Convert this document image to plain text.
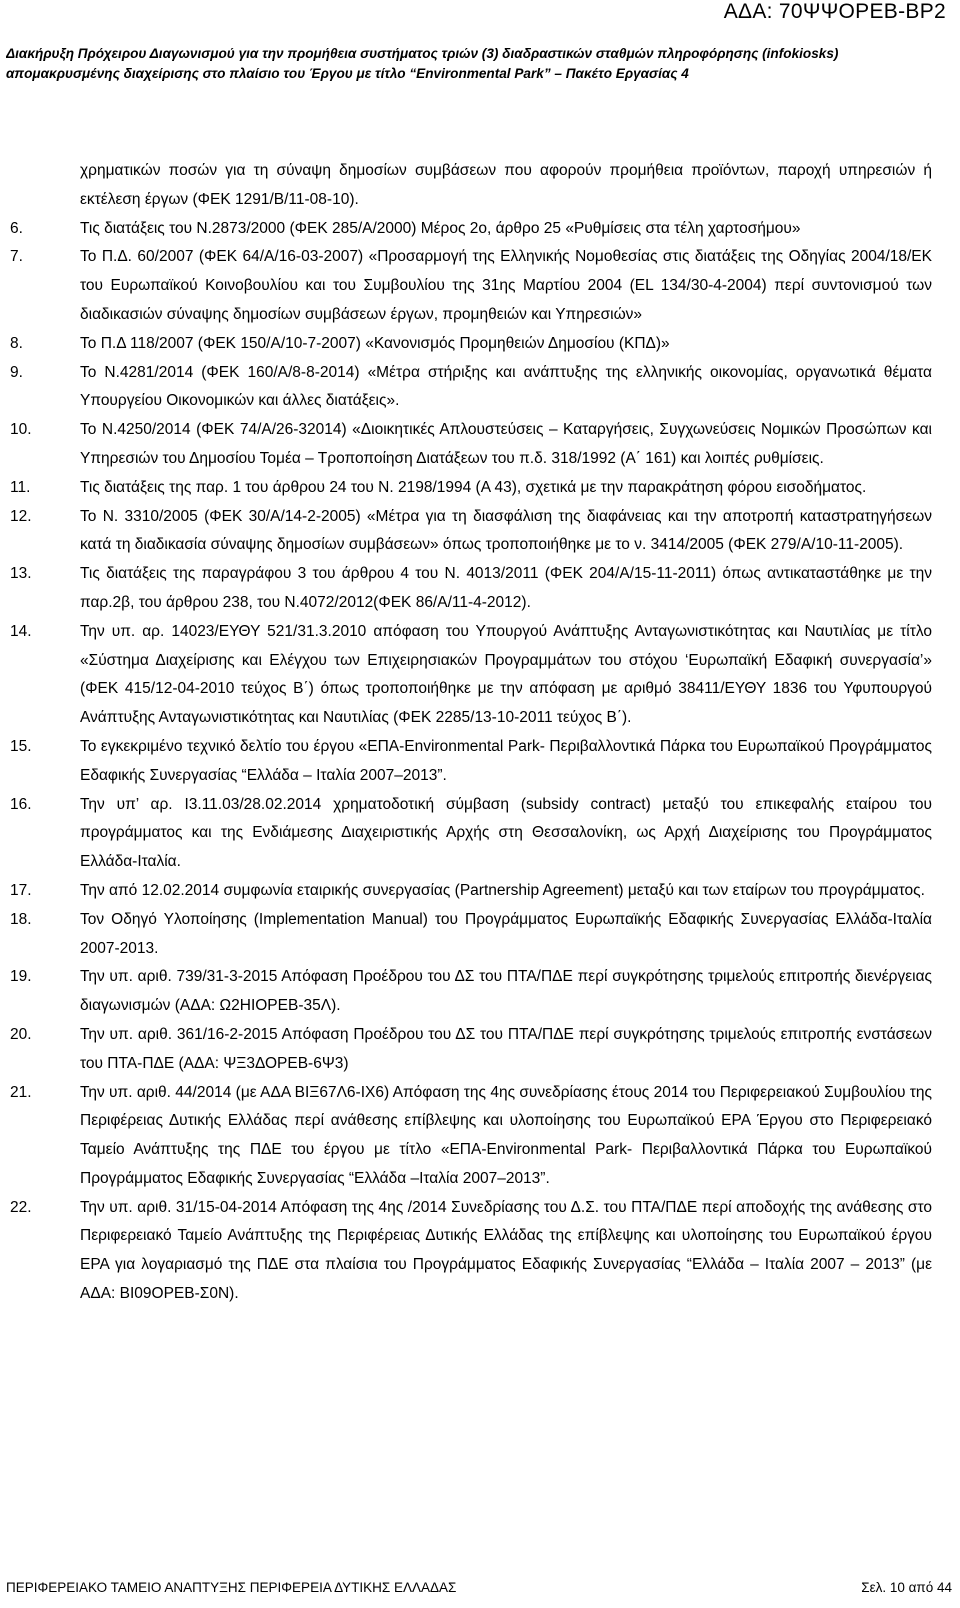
ΑΔΑ: 70ΨΨΟΡΕΒ-ΒΡ2
Διακήρυξη Πρόχειρου Διαγωνισμού για την προμήθεια συστήματος τριών (3) διαδραστικών σταθμών πληροφόρησης (infokiosks)
απομακρυσμένης διαχείρισης στο πλαίσιο του Έργου με τίτλο “Environmental Park” – Πακέτο Εργασίας 4

χρηματικών ποσών για τη σύναψη δημοσίων συμβάσεων που αφορούν προμήθεια προϊόντων, παροχή υπηρεσιών ή εκτέλεση έργων (ΦΕΚ 1291/Β/11-08-10).

6.	Τις διατάξεις του Ν.2873/2000 (ΦΕΚ 285/Α/2000) Μέρος 2ο, άρθρο 25 «Ρυθμίσεις στα τέλη χαρτοσήμου»
7.	Το Π.Δ. 60/2007 (ΦΕΚ 64/Α/16-03-2007) «Προσαρμογή της Ελληνικής Νομοθεσίας στις διατάξεις της Οδηγίας 2004/18/ΕΚ του Ευρωπαϊκού Κοινοβουλίου και του Συμβουλίου της 31ης Μαρτίου 2004 (EL 134/30-4-2004) περί συντονισμού των διαδικασιών σύναψης δημοσίων συμβάσεων έργων, προμηθειών και Υπηρεσιών»
8.	Το Π.Δ 118/2007 (ΦΕΚ 150/Α/10-7-2007) «Κανονισμός Προμηθειών Δημοσίου (ΚΠΔ)»
9.	Το Ν.4281/2014 (ΦΕΚ 160/Α/8-8-2014) «Μέτρα στήριξης και ανάπτυξης της ελληνικής οικονομίας, οργανωτικά θέματα Υπουργείου Οικονομικών και άλλες διατάξεις».
10.	Το Ν.4250/2014 (ΦΕΚ 74/Α/26-32014) «Διοικητικές Απλουστεύσεις – Καταργήσεις, Συγχωνεύσεις Νομικών Προσώπων και Υπηρεσιών του Δημοσίου Τομέα – Τροποποίηση Διατάξεων του π.δ. 318/1992 (Α΄ 161) και λοιπές ρυθμίσεις.
11.	Τις διατάξεις της παρ. 1 του άρθρου 24 του Ν. 2198/1994 (Α 43), σχετικά με την παρακράτηση φόρου εισοδήματος.
12.	Το Ν. 3310/2005 (ΦΕΚ 30/Α/14-2-2005) «Μέτρα για τη διασφάλιση της διαφάνειας και την αποτροπή καταστρατηγήσεων κατά τη διαδικασία σύναψης δημοσίων συμβάσεων» όπως τροποποιήθηκε με το ν. 3414/2005 (ΦΕΚ 279/Α/10-11-2005).
13.	Τις διατάξεις της παραγράφου 3 του άρθρου 4 του Ν. 4013/2011 (ΦΕΚ 204/Α/15-11-2011) όπως αντικαταστάθηκε με την παρ.2β, του άρθρου 238, του Ν.4072/2012(ΦΕΚ 86/Α/11-4-2012).
14.	Την υπ. αρ. 14023/ΕΥΘΥ 521/31.3.2010 απόφαση του Υπουργού Ανάπτυξης Ανταγωνιστικότητας και Ναυτιλίας με τίτλο «Σύστημα Διαχείρισης και Ελέγχου των Επιχειρησιακών Προγραμμάτων του στόχου ‘Ευρωπαϊκή Εδαφική συνεργασία’» (ΦΕΚ 415/12-04-2010 τεύχος Β΄) όπως τροποποιήθηκε με την απόφαση με αριθμό 38411/ΕΥΘΥ 1836 του Υφυπουργού Ανάπτυξης Ανταγωνιστικότητας και Ναυτιλίας (ΦΕΚ 2285/13-10-2011 τεύχος Β΄).
15.	Το εγκεκριμένο τεχνικό δελτίο του έργου «ΕΠΑ-Environmental Park- Περιβαλλοντικά Πάρκα του Ευρωπαϊκού Προγράμματος Εδαφικής Συνεργασίας “Ελλάδα – Ιταλία 2007–2013”.
16.	Την υπ’ αρ. I3.11.03/28.02.2014 χρηματοδοτική σύμβαση (subsidy contract) μεταξύ του επικεφαλής εταίρου του προγράμματος και της Ενδιάμεσης Διαχειριστικής Αρχής στη Θεσσαλονίκη, ως Αρχή Διαχείρισης του Προγράμματος Ελλάδα-Ιταλία.
17.	Την από 12.02.2014 συμφωνία εταιρικής συνεργασίας (Partnership Agreement) μεταξύ και των εταίρων του προγράμματος.
18.	Τον Οδηγό Υλοποίησης (Implementation Manual) του Προγράμματος Ευρωπαϊκής Εδαφικής Συνεργασίας Ελλάδα-Ιταλία 2007-2013.
19.	Την υπ. αριθ. 739/31-3-2015 Απόφαση Προέδρου του ΔΣ του ΠΤΑ/ΠΔΕ περί συγκρότησης τριμελούς επιτροπής διενέργειας διαγωνισμών (ΑΔΑ: Ω2ΗΙΟΡΕΒ-35Λ).
20.	Την υπ. αριθ. 361/16-2-2015 Απόφαση Προέδρου του ΔΣ του ΠΤΑ/ΠΔΕ περί συγκρότησης τριμελούς επιτροπής ενστάσεων του ΠΤΑ-ΠΔΕ (ΑΔΑ: ΨΞ3ΔΟΡΕΒ-6Ψ3)
21.	Την υπ. αριθ. 44/2014 (με ΑΔΑ ΒΙΞ67Λ6-ΙΧ6) Απόφαση της 4ης συνεδρίασης έτους 2014 του Περιφερειακού Συμβουλίου της Περιφέρειας Δυτικής Ελλάδας περί ανάθεσης επίβλεψης και υλοποίησης του Ευρωπαϊκού ΕΡΑ Έργου στο Περιφερειακό Ταμείο Ανάπτυξης της ΠΔΕ του έργου με τίτλο «ΕΠΑ-Environmental Park- Περιβαλλοντικά Πάρκα του Ευρωπαϊκού Προγράμματος Εδαφικής Συνεργασίας “Ελλάδα –Ιταλία 2007–2013”.
22.	Την υπ. αριθ. 31/15-04-2014 Απόφαση της 4ης /2014 Συνεδρίασης του Δ.Σ. του ΠΤΑ/ΠΔΕ περί αποδοχής της ανάθεσης στο Περιφερειακό Ταμείο Ανάπτυξης της Περιφέρειας Δυτικής Ελλάδας της επίβλεψης και υλοποίησης του Ευρωπαϊκού έργου ΕΡΑ για λογαριασμό της ΠΔΕ στα πλαίσια του Προγράμματος Εδαφικής Συνεργασίας “Ελλάδα – Ιταλία 2007 – 2013” (με ΑΔΑ: ΒΙ09ΟΡΕΒ-Σ0Ν).
ΠΕΡΙΦΕΡΕΙΑΚΟ ΤΑΜΕΙΟ ΑΝΑΠΤΥΞΗΣ ΠΕΡΙΦΕΡΕΙΑ ΔΥΤΙΚΗΣ ΕΛΛΑΔΑΣ	Σελ. 10 από 44
